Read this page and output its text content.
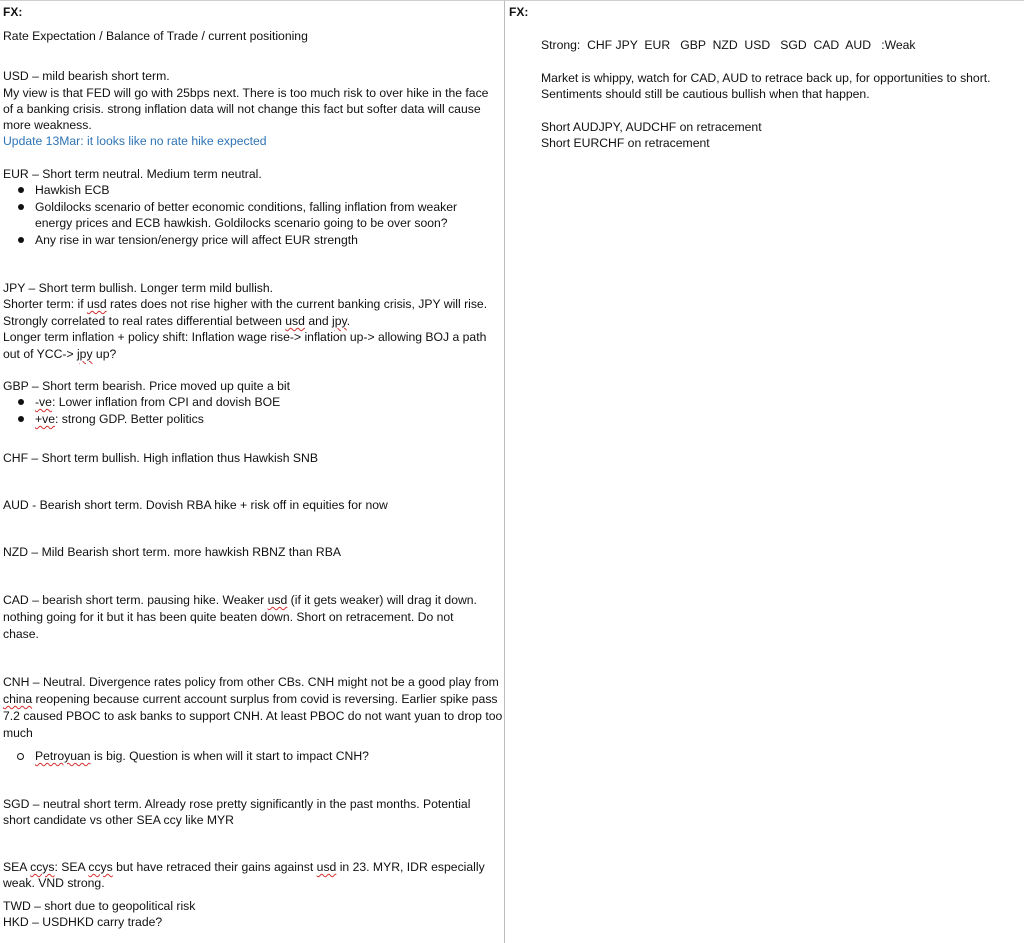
FX:
Rate Expectation / Balance of Trade / current positioning
USD – mild bearish short term.
My view is that FED will go with 25bps next. There is too much risk to over hike in the face
of a banking crisis. strong inflation data will not change this fact but softer data will cause
more weakness.
Update 13Mar: it looks like no rate hike expected
EUR – Short term neutral. Medium term neutral.
Hawkish ECB
Goldilocks scenario of better economic conditions, falling inflation from weaker
energy prices and ECB hawkish. Goldilocks scenario going to be over soon?
Any rise in war tension/energy price will affect EUR strength
JPY – Short term bullish. Longer term mild bullish.
Shorter term: if usd rates does not rise higher with the current banking crisis, JPY will rise.
Strongly correlated to real rates differential between usd and jpy.
Longer term inflation + policy shift: Inflation wage rise-> inflation up-> allowing BOJ a path
out of YCC-> jpy up?
GBP – Short term bearish. Price moved up quite a bit
-ve: Lower inflation from CPI and dovish BOE
+ve: strong GDP. Better politics
CHF – Short term bullish. High inflation thus Hawkish SNB
AUD - Bearish short term. Dovish RBA hike + risk off in equities for now
NZD – Mild Bearish short term. more hawkish RBNZ than RBA
CAD – bearish short term. pausing hike. Weaker usd (if it gets weaker) will drag it down.
nothing going for it but it has been quite beaten down. Short on retracement. Do not
chase.
CNH – Neutral. Divergence rates policy from other CBs. CNH might not be a good play from
china reopening because current account surplus from covid is reversing. Earlier spike pass
7.2 caused PBOC to ask banks to support CNH. At least PBOC do not want yuan to drop too
much
Petroyuan is big. Question is when will it start to impact CNH?
SGD – neutral short term. Already rose pretty significantly in the past months. Potential
short candidate vs other SEA ccy like MYR
SEA ccys: SEA ccys but have retraced their gains against usd in 23. MYR, IDR especially
weak. VND strong.
TWD – short due to geopolitical risk
HKD – USDHKD carry trade?
FX:
Strong:  CHF JPY  EUR   GBP  NZD  USD   SGD  CAD  AUD   :Weak
Market is whippy, watch for CAD, AUD to retrace back up, for opportunities to short.
Sentiments should still be cautious bullish when that happen.
Short AUDJPY, AUDCHF on retracement
Short EURCHF on retracement
